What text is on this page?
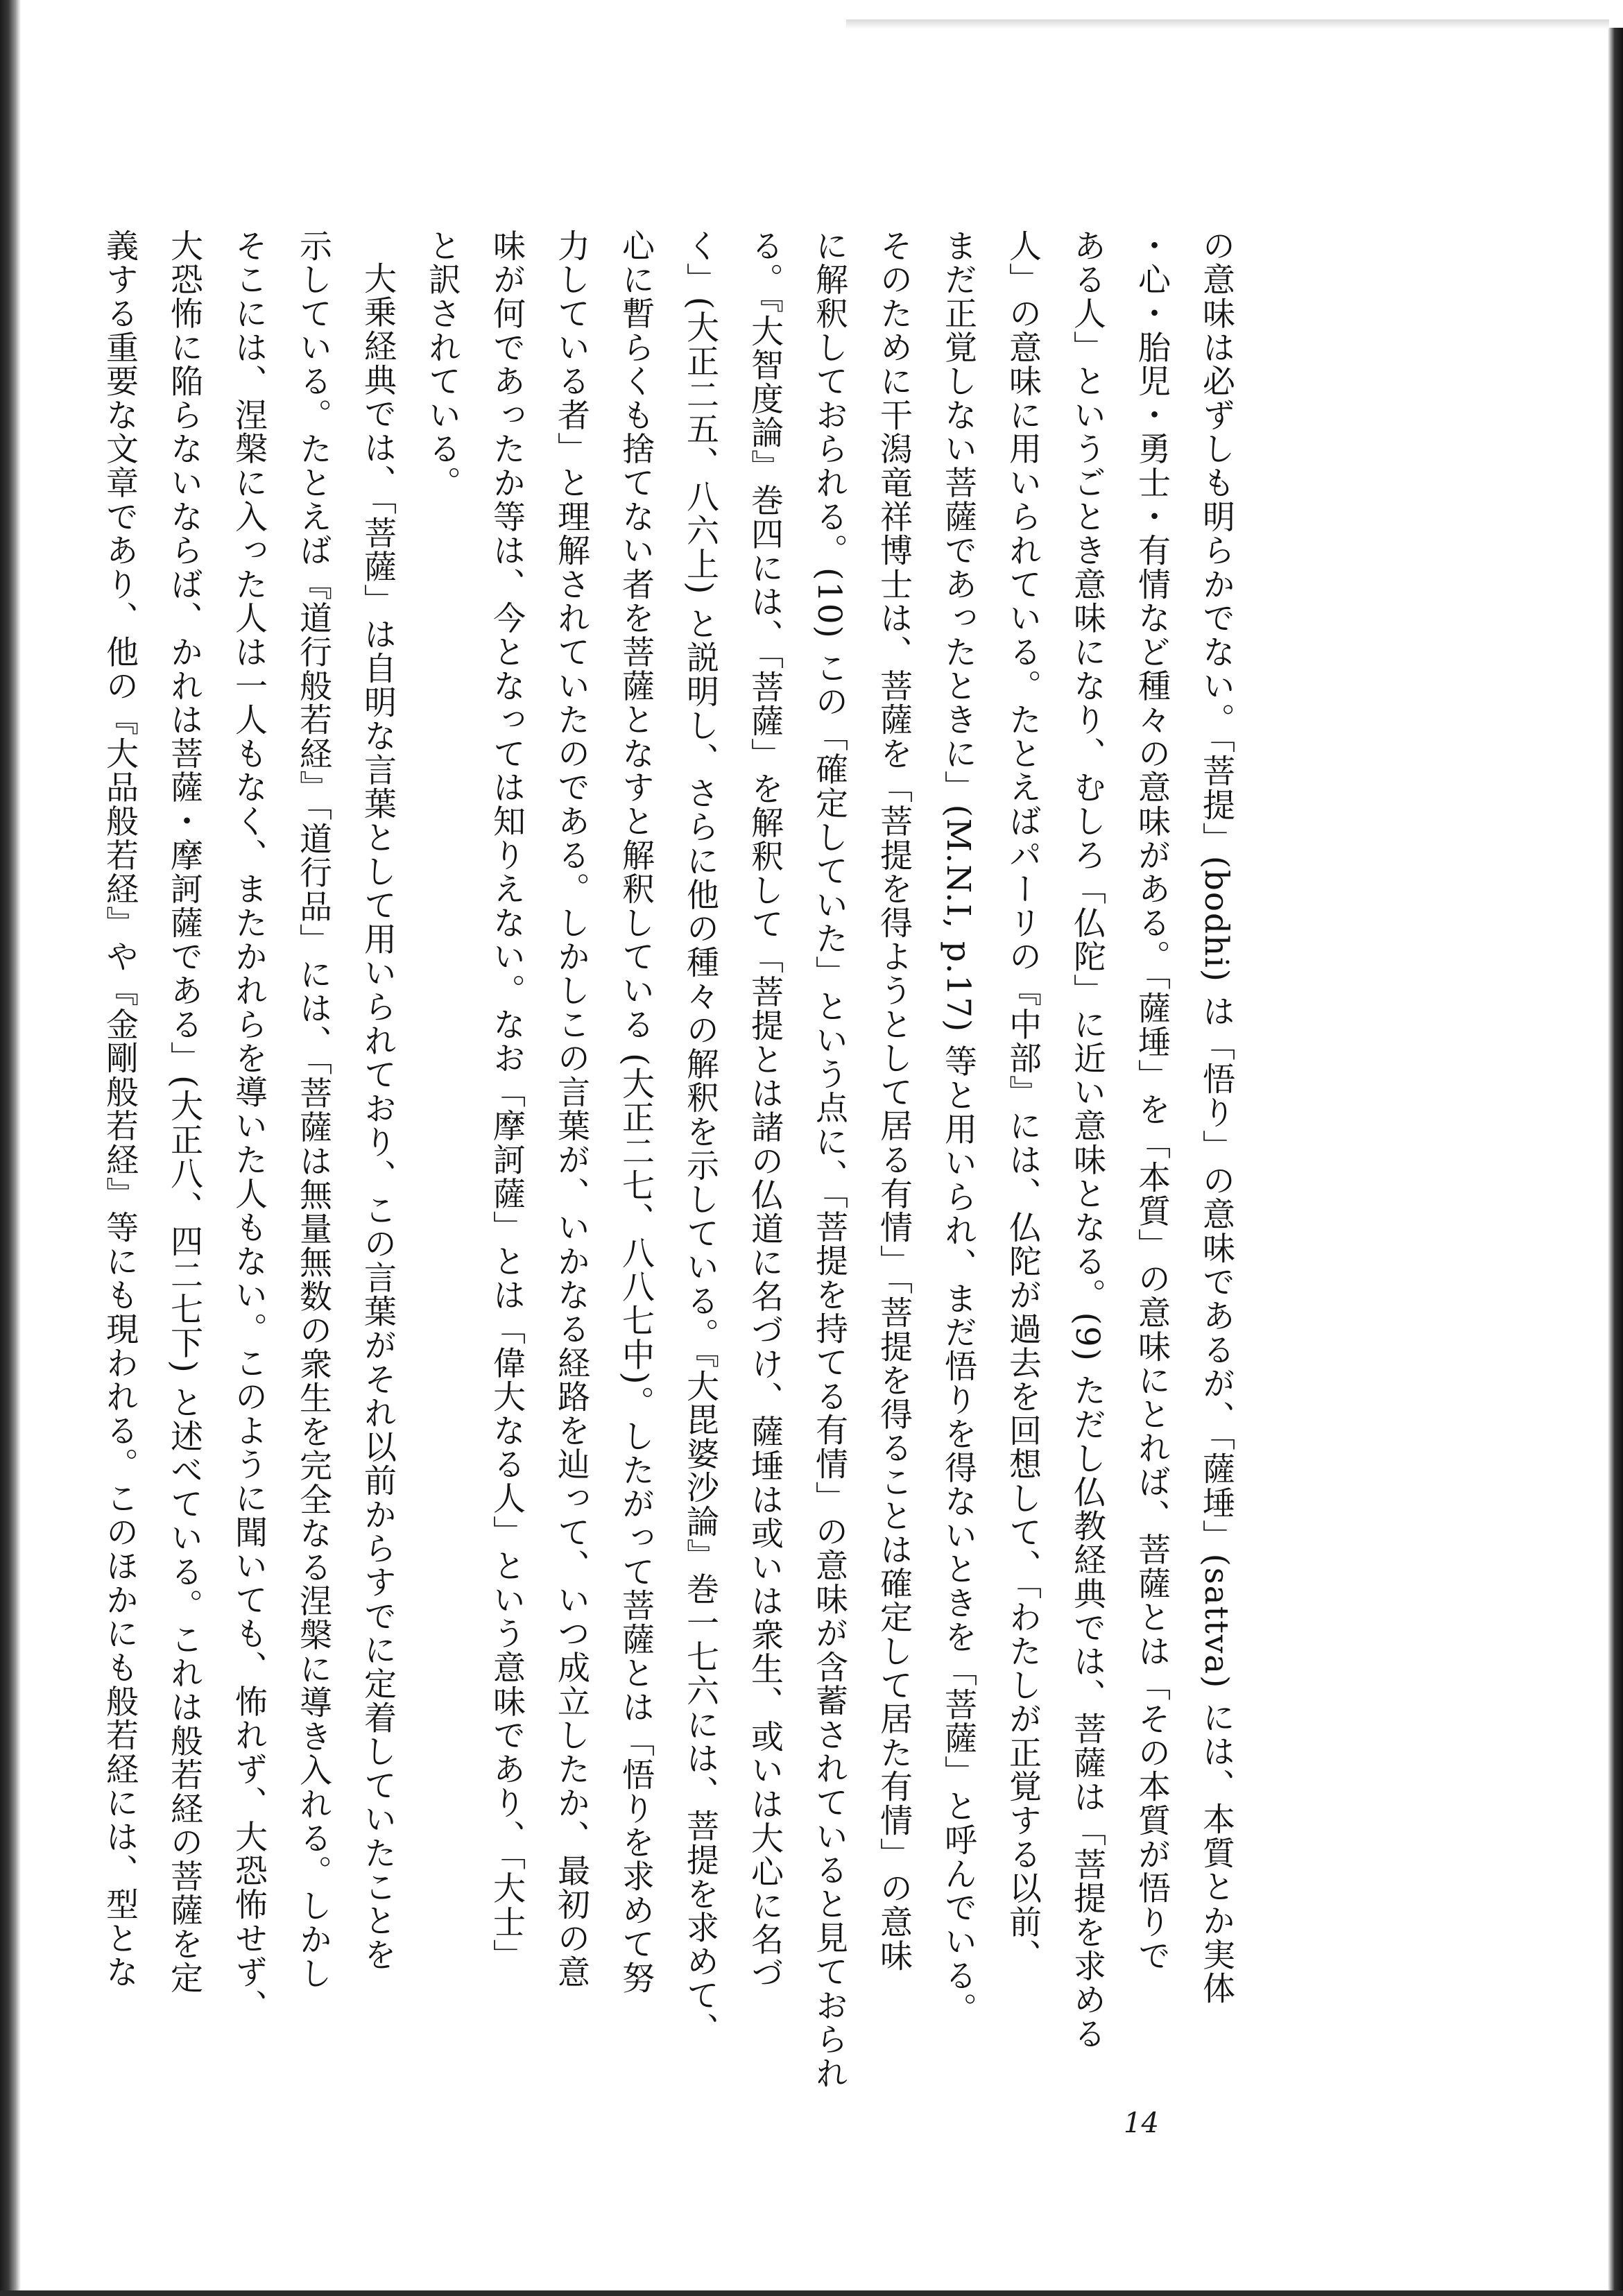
の意味は必ずしも明らかでない。「菩提」(bodhi) は「悟り」の意味であるが、「薩埵」(sattva) には、本質とか実体
・心・胎児・勇士・有情など種々の意味がある。「薩埵」を「本質」の意味にとれば、菩薩とは「その本質が悟りで
ある人」というごとき意味になり、むしろ「仏陀」に近い意味となる。(9) ただし仏教経典では、菩薩は「菩提を求める
人」の意味に用いられている。たとえばパーリの『中部』には、仏陀が過去を回想して、「わたしが正覚する以前、
まだ正覚しない菩薩であったときに」(M.N.I, p.17) 等と用いられ、まだ悟りを得ないときを「菩薩」と呼んでいる。
そのために干潟竜祥博士は、菩薩を「菩提を得ようとして居る有情」「菩提を得ることは確定して居た有情」の意味
に解釈しておられる。(10) この「確定していた」という点に、「菩提を持てる有情」の意味が含蓄されていると見ておられ
る。『大智度論』巻四には、「菩薩」を解釈して「菩提とは諸の仏道に名づけ、薩埵は或いは衆生、或いは大心に名づ
く」(大正二五、八六上) と説明し、さらに他の種々の解釈を示している。『大毘婆沙論』巻一七六には、菩提を求めて、
心に暫らくも捨てない者を菩薩となすと解釈している (大正二七、八八七中)。したがって菩薩とは「悟りを求めて努
力している者」と理解されていたのである。しかしこの言葉が、いかなる経路を辿って、いつ成立したか、最初の意
味が何であったか等は、今となっては知りえない。なお「摩訶薩」とは「偉大なる人」という意味であり、「大士」
と訳されている。
大乗経典では、「菩薩」は自明な言葉として用いられており、この言葉がそれ以前からすでに定着していたことを
示している。たとえば『道行般若経』「道行品」には、「菩薩は無量無数の衆生を完全なる涅槃に導き入れる。しかし
そこには、涅槃に入った人は一人もなく、またかれらを導いた人もない。このように聞いても、怖れず、大恐怖せず、
大恐怖に陥らないならば、かれは菩薩・摩訶薩である」(大正八、四二七下) と述べている。これは般若経の菩薩を定
義する重要な文章であり、他の『大品般若経』や『金剛般若経』等にも現われる。このほかにも般若経には、型とな
14
